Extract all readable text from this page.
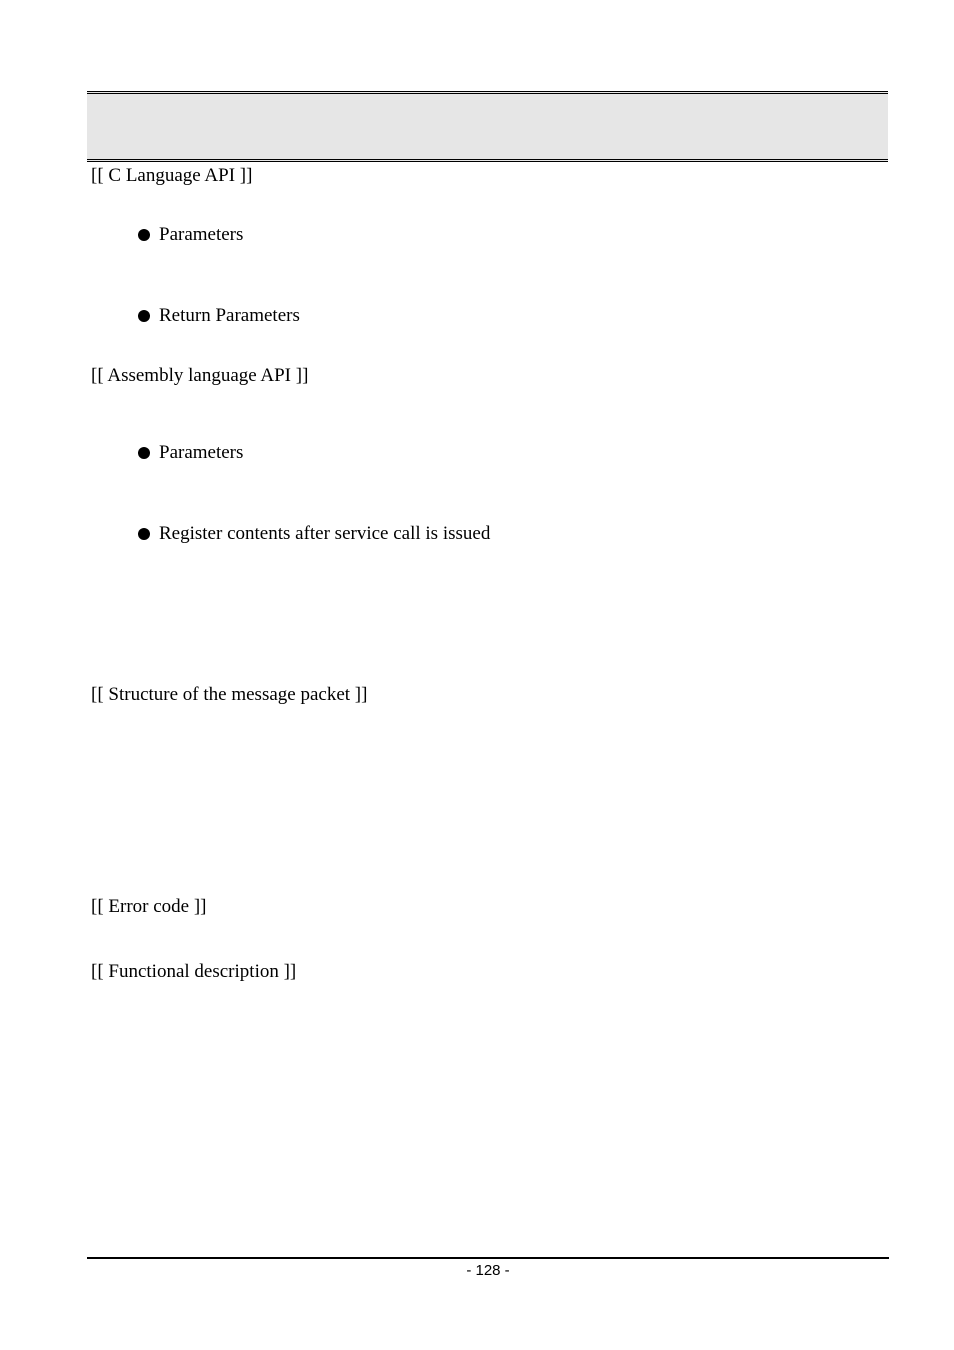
[[ C Language API ]]
Parameters
Return Parameters
[[ Assembly language API ]]
Parameters
Register contents after service call is issued
[[ Structure of the message packet ]]
[[ Error code ]]
[[ Functional description ]]
- 128 -
